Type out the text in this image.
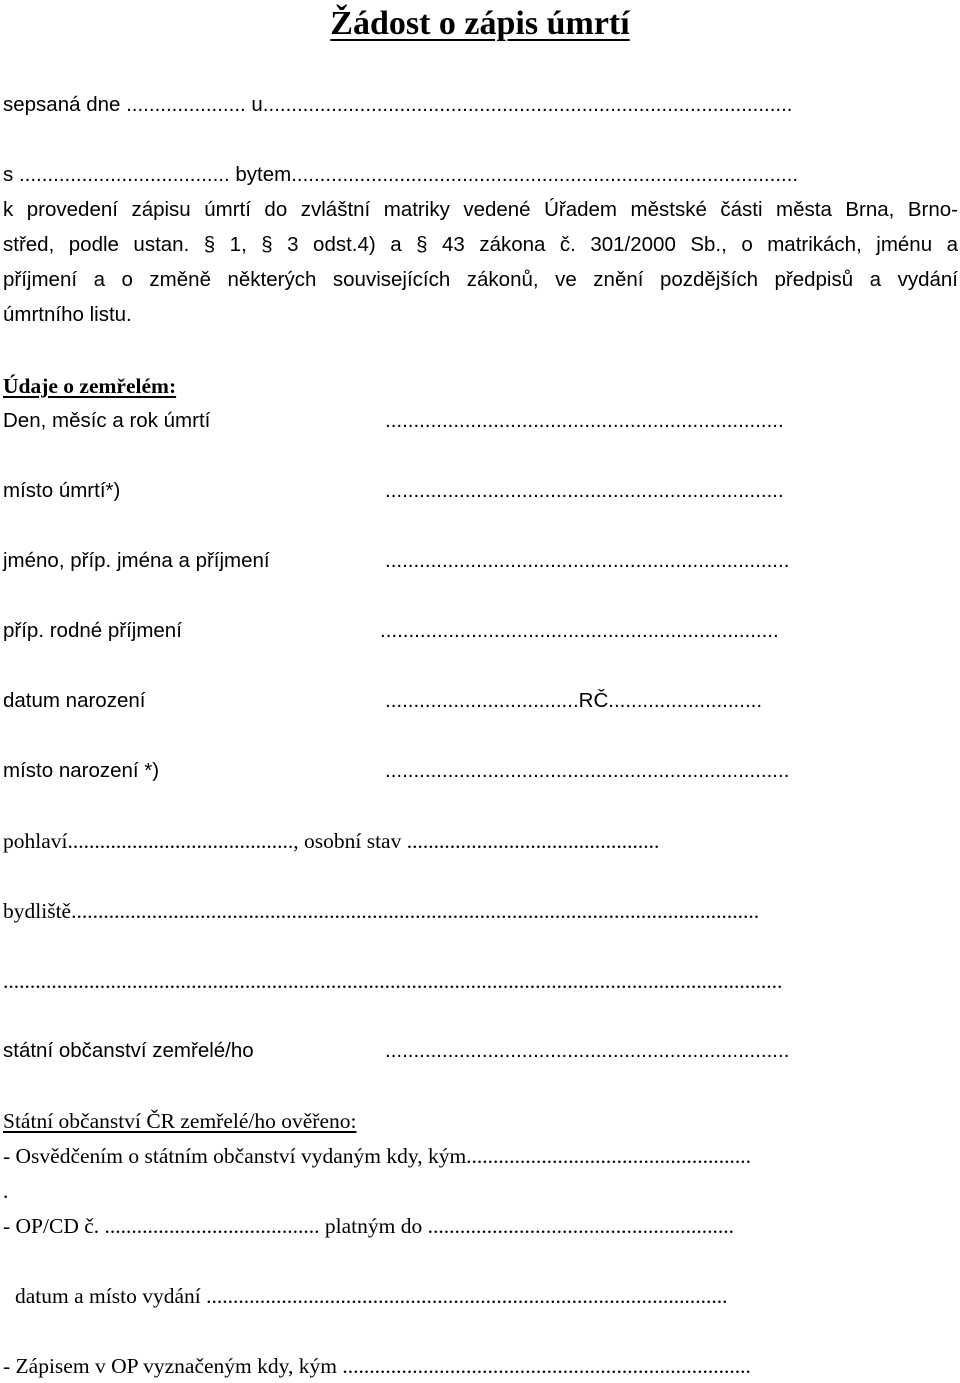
Žádost o zápis úmrtí
sepsaná dne ..................... u.............................................................................................
s ..................................... bytem.........................................................................................
k provedení zápisu úmrtí do zvláštní matriky vedené Úřadem městské části města Brna, Brno-
střed, podle ustan. § 1, § 3 odst.4) a § 43 zákona č. 301/2000 Sb., o matrikách, jménu a
příjmení a o změně některých souvisejících zákonů, ve znění pozdějších předpisů a vydání
úmrtního listu.
Údaje o zemřelém:
Den, měsíc a rok úmrtí	......................................................................
místo úmrtí*)	......................................................................
jméno, příp. jména a příjmení	.......................................................................
příp. rodné příjmení	......................................................................
datum narození	..................................RČ...........................
místo narození *)	.......................................................................
pohlaví.........................................., osobní stav ...............................................
bydliště................................................................................................................................
.................................................................................................................................................
státní občanství zemřelé/ho	.......................................................................
Státní občanství ČR zemřelé/ho ověřeno:
- Osvědčením o státním občanství vydaným kdy, kým.....................................................
.
- OP/CD č. ........................................ platným do .........................................................
datum a místo vydání .................................................................................................
- Zápisem v OP vyznačeným kdy, kým ............................................................................
